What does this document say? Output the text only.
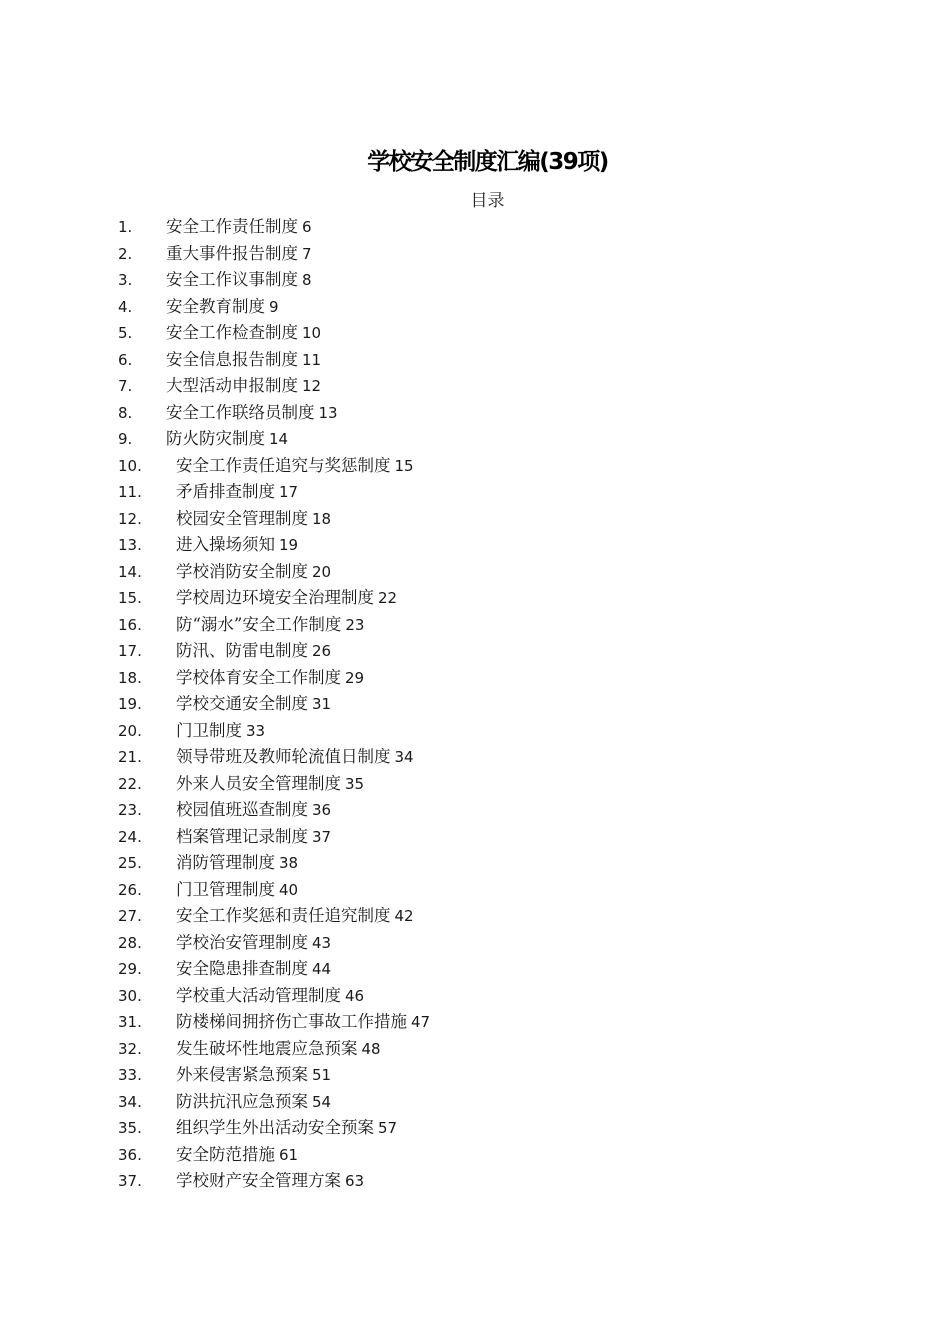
学校安全制度汇编(39项)
目录
1. 安全工作责任制度 6
2. 重大事件报告制度 7
3. 安全工作议事制度 8
4. 安全教育制度 9
5. 安全工作检查制度 10
6. 安全信息报告制度 11
7. 大型活动申报制度 12
8. 安全工作联络员制度 13
9. 防火防灾制度 14
10. 安全工作责任追究与奖惩制度 15
11. 矛盾排查制度 17
12. 校园安全管理制度 18
13. 进入操场须知 19
14. 学校消防安全制度 20
15. 学校周边环境安全治理制度 22
16. 防“溺水”安全工作制度 23
17. 防汛、防雷电制度 26
18. 学校体育安全工作制度 29
19. 学校交通安全制度 31
20. 门卫制度 33
21. 领导带班及教师轮流值日制度 34
22. 外来人员安全管理制度 35
23. 校园值班巡查制度 36
24. 档案管理记录制度 37
25. 消防管理制度 38
26. 门卫管理制度 40
27. 安全工作奖惩和责任追究制度 42
28. 学校治安管理制度 43
29. 安全隐患排查制度 44
30. 学校重大活动管理制度 46
31. 防楼梯间拥挤伤亡事故工作措施 47
32. 发生破坏性地震应急预案 48
33. 外来侵害紧急预案 51
34. 防洪抗汛应急预案 54
35. 组织学生外出活动安全预案 57
36. 安全防范措施 61
37. 学校财产安全管理方案 63
